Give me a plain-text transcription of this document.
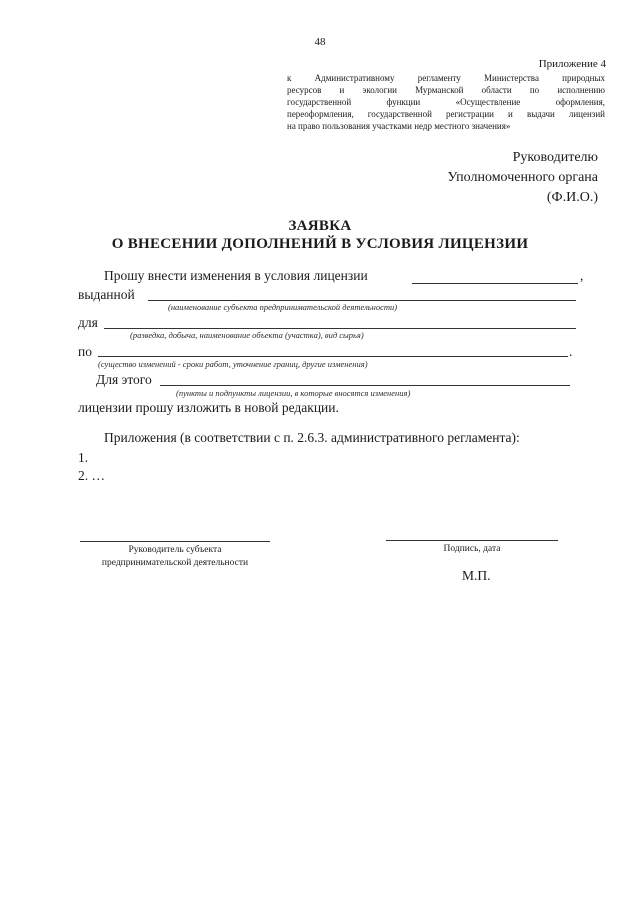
48
Приложение 4
к Административному регламенту Министерства природных
ресурсов и экологии Мурманской области по исполнению
государственной функции «Осуществление оформления,
переоформления, государственной регистрации и выдачи лицензий
на право пользования участками недр местного значения»
Руководителю
Уполномоченного органа
(Ф.И.О.)
ЗАЯВКА
О ВНЕСЕНИИ ДОПОЛНЕНИЙ В УСЛОВИЯ ЛИЦЕНЗИИ
Прошу внести изменения в условия лицензии	,
выданной
(наименование субъекта предпринимательской деятельности)
для
(разведка, добыча, наименование объекта (участка), вид сырья)
по	.
(существо изменений - сроки работ, уточнение границ, другие изменения)
Для этого
(пункты и подпункты лицензии, в которые вносятся изменения)
лицензии прошу изложить в новой редакции.
Приложения (в соответствии с п. 2.6.3. административного регламента):
1.
2. …
Руководитель субъекта
предпринимательской деятельности
Подпись, дата
М.П.
